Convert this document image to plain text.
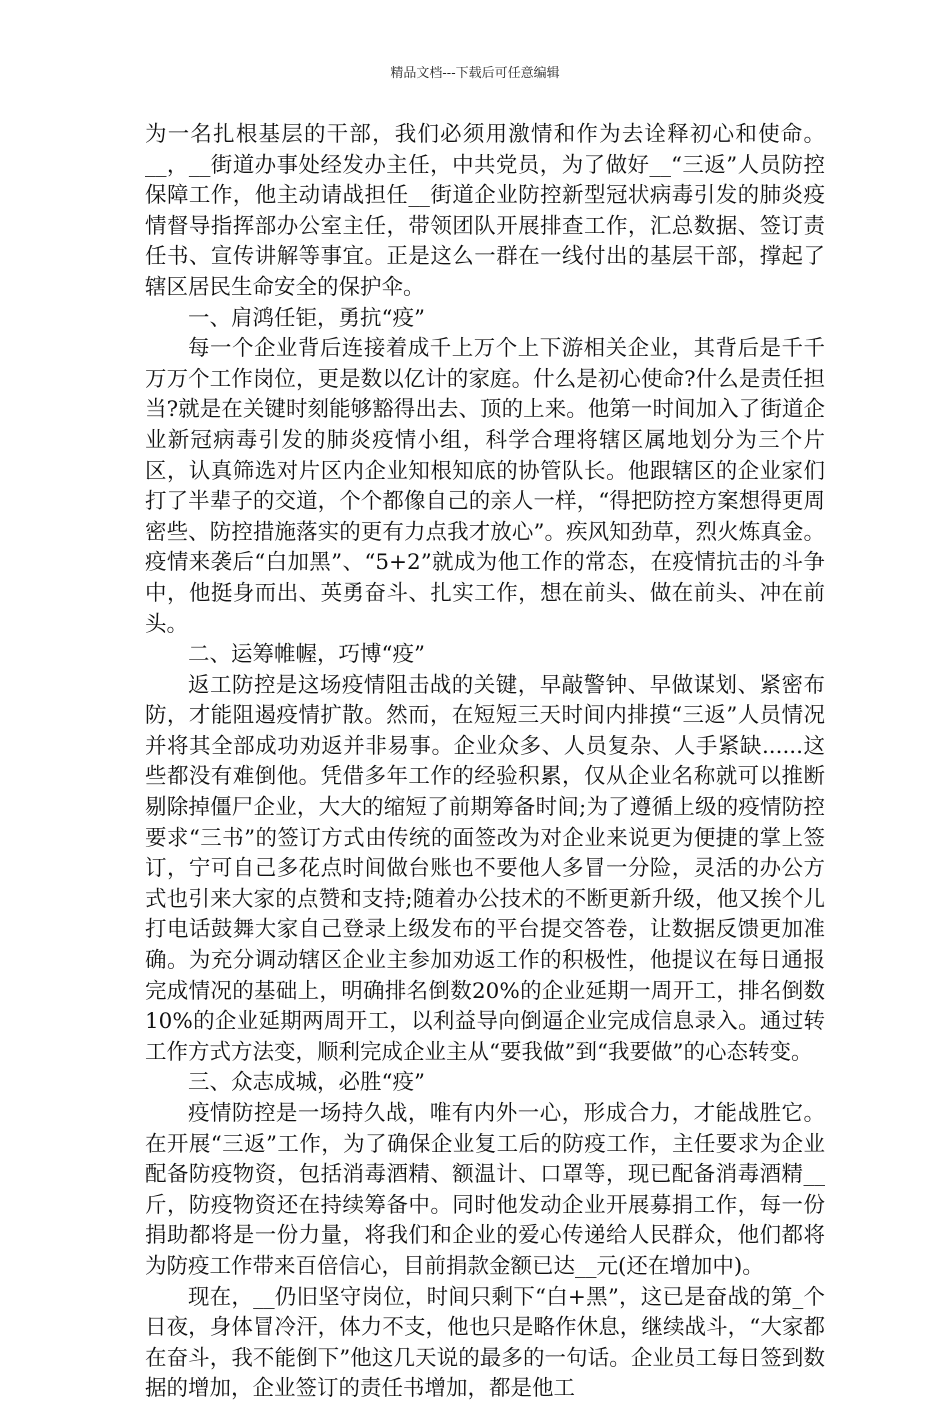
精品文档---下载后可任意编辑

为一名扎根基层的干部，我们必须用激情和作为去诠释初心和使命。__，__街道办事处经发办主任，中共党员，为了做好__“三返”人员防控保障工作，他主动请战担任__街道企业防控新型冠状病毒引发的肺炎疫情督导指挥部办公室主任，带领团队开展排查工作，汇总数据、签订责任书、宣传讲解等事宜。正是这么一群在一线付出的基层干部，撑起了辖区居民生命安全的保护伞。

一、肩鸿任钜，勇抗“疫”

每一个企业背后连接着成千上万个上下游相关企业，其背后是千千万万个工作岗位，更是数以亿计的家庭。什么是初心使命?什么是责任担当?就是在关键时刻能够豁得出去、顶的上来。他第一时间加入了街道企业新冠病毒引发的肺炎疫情小组，科学合理将辖区属地划分为三个片区，认真筛选对片区内企业知根知底的协管队长。他跟辖区的企业家们打了半辈子的交道，个个都像自己的亲人一样，“得把防控方案想得更周密些、防控措施落实的更有力点我才放心”。疾风知劲草，烈火炼真金。疫情来袭后“白加黑”、“5+2”就成为他工作的常态，在疫情抗击的斗争中，他挺身而出、英勇奋斗、扎实工作，想在前头、做在前头、冲在前头。

二、运筹帷幄，巧博“疫”

返工防控是这场疫情阻击战的关键，早敲警钟、早做谋划、紧密布防，才能阻遏疫情扩散。然而，在短短三天时间内排摸“三返”人员情况并将其全部成功劝返并非易事。企业众多、人员复杂、人手紧缺......这些都没有难倒他。凭借多年工作的经验积累，仅从企业名称就可以推断剔除掉僵尸企业，大大的缩短了前期筹备时间;为了遵循上级的疫情防控要求“三书”的签订方式由传统的面签改为对企业来说更为便捷的掌上签订，宁可自己多花点时间做台账也不要他人多冒一分险，灵活的办公方式也引来大家的点赞和支持;随着办公技术的不断更新升级，他又挨个儿打电话鼓舞大家自己登录上级发布的平台提交答卷，让数据反馈更加准确。为充分调动辖区企业主参加劝返工作的积极性，他提议在每日通报完成情况的基础上，明确排名倒数20%的企业延期一周开工，排名倒数10%的企业延期两周开工，以利益导向倒逼企业完成信息录入。通过转工作方式方法变，顺利完成企业主从“要我做”到“我要做”的心态转变。

三、众志成城，必胜“疫”

疫情防控是一场持久战，唯有内外一心，形成合力，才能战胜它。在开展“三返”工作，为了确保企业复工后的防疫工作，主任要求为企业配备防疫物资，包括消毒酒精、额温计、口罩等，现已配备消毒酒精__斤，防疫物资还在持续筹备中。同时他发动企业开展募捐工作，每一份捐助都将是一份力量，将我们和企业的爱心传递给人民群众，他们都将为防疫工作带来百倍信心，目前捐款金额已达__元(还在增加中)。

现在，__仍旧坚守岗位，时间只剩下“白+黑”，这已是奋战的第_个日夜，身体冒冷汗，体力不支，他也只是略作休息，继续战斗，“大家都在奋斗，我不能倒下”他这几天说的最多的一句话。企业员工每日签到数据的增加，企业签订的责任书增加，都是他工
